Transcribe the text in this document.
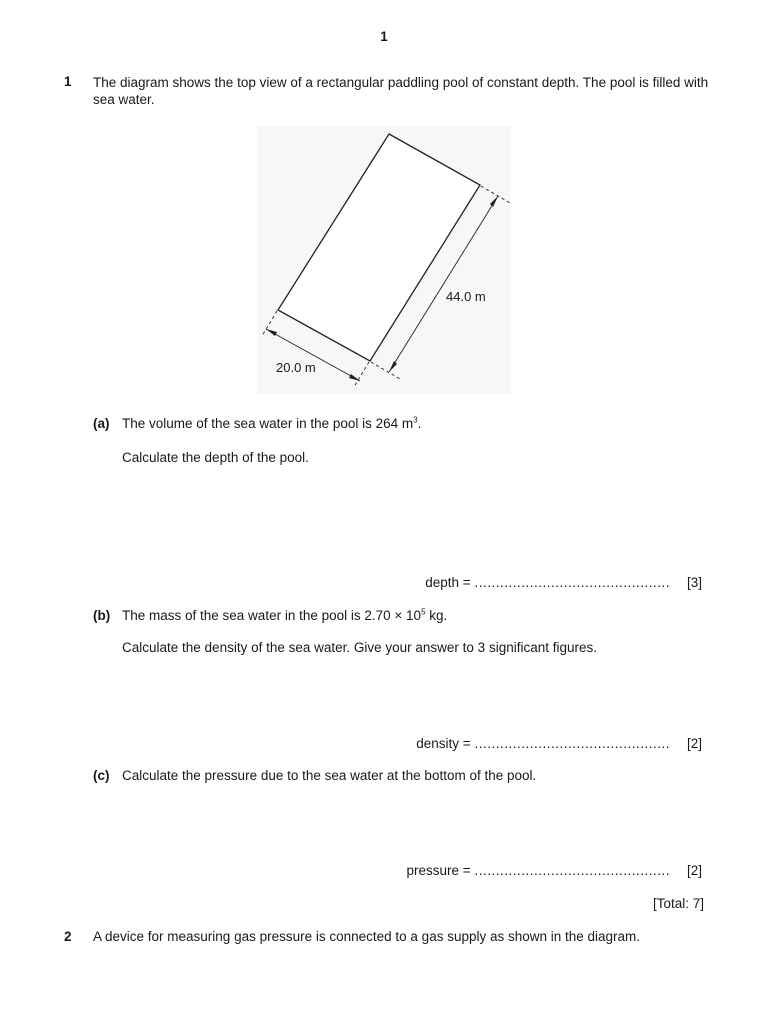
1
1 The diagram shows the top view of a rectangular paddling pool of constant depth. The pool is filled with sea water.
44.0 m
20.0 m
(a) The volume of the sea water in the pool is 264 $m^3$.
Calculate the depth of the pool.
depth = ..............................................	[3]
(b) The mass of the sea water in the pool is $2.70 \times 10^5$ kg.
Calculate the density of the sea water. Give your answer to 3 significant figures.
density = ..............................................	[2]
(c) Calculate the pressure due to the sea water at the bottom of the pool.
pressure = ..............................................	[2]
[Total: 7]
2 A device for measuring gas pressure is connected to a gas supply as shown in the diagram.
